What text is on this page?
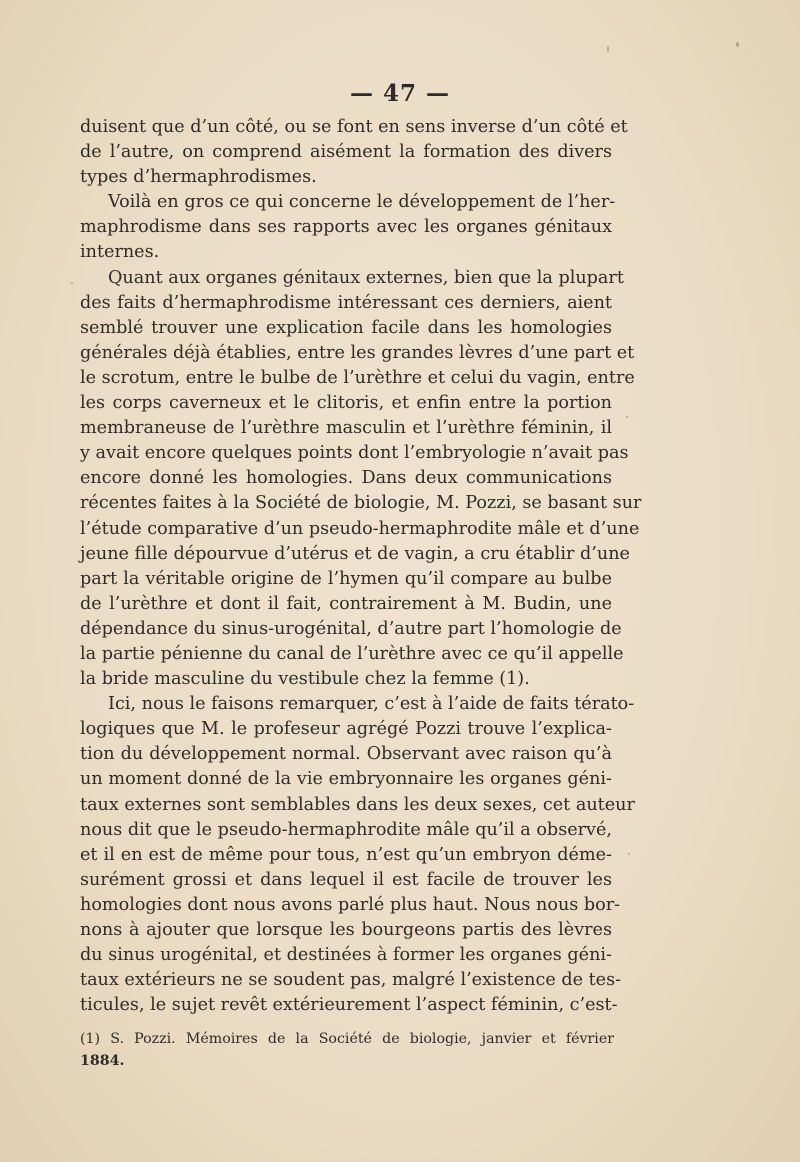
— 47 —
duisent que d’un côté, ou se font en sens inverse d’un côté et
de l’autre, on comprend aisément la formation des divers
types d’hermaphrodismes.
Voilà en gros ce qui concerne le développement de l’her-
maphrodisme dans ses rapports avec les organes génitaux
internes.
Quant aux organes génitaux externes, bien que la plupart
des faits d’hermaphrodisme intéressant ces derniers, aient
semblé trouver une explication facile dans les homologies
générales déjà établies, entre les grandes lèvres d’une part et
le scrotum, entre le bulbe de l’urèthre et celui du vagin, entre
les corps caverneux et le clitoris, et enfin entre la portion
membraneuse de l’urèthre masculin et l’urèthre féminin, il
y avait encore quelques points dont l’embryologie n’avait pas
encore donné les homologies. Dans deux communications
récentes faites à la Société de biologie, M. Pozzi, se basant sur
l’étude comparative d’un pseudo-hermaphrodite mâle et d’une
jeune fille dépourvue d’utérus et de vagin, a cru établir d’une
part la véritable origine de l’hymen qu’il compare au bulbe
de l’urèthre et dont il fait, contrairement à M. Budin, une
dépendance du sinus-urogénital, d’autre part l’homologie de
la partie pénienne du canal de l’urèthre avec ce qu’il appelle
la bride masculine du vestibule chez la femme (1).
Ici, nous le faisons remarquer, c’est à l’aide de faits térato-
logiques que M. le profeseur agrégé Pozzi trouve l’explica-
tion du développement normal. Observant avec raison qu’à
un moment donné de la vie embryonnaire les organes géni-
taux externes sont semblables dans les deux sexes, cet auteur
nous dit que le pseudo-hermaphrodite mâle qu’il a observé,
et il en est de même pour tous, n’est qu’un embryon déme-
surément grossi et dans lequel il est facile de trouver les
homologies dont nous avons parlé plus haut. Nous nous bor-
nons à ajouter que lorsque les bourgeons partis des lèvres
du sinus urogénital, et destinées à former les organes géni-
taux extérieurs ne se soudent pas, malgré l’existence de tes-
ticules, le sujet revêt extérieurement l’aspect féminin, c’est-
(1) S. Pozzi. Mémoires de la Société de biologie, janvier et février
1884.
